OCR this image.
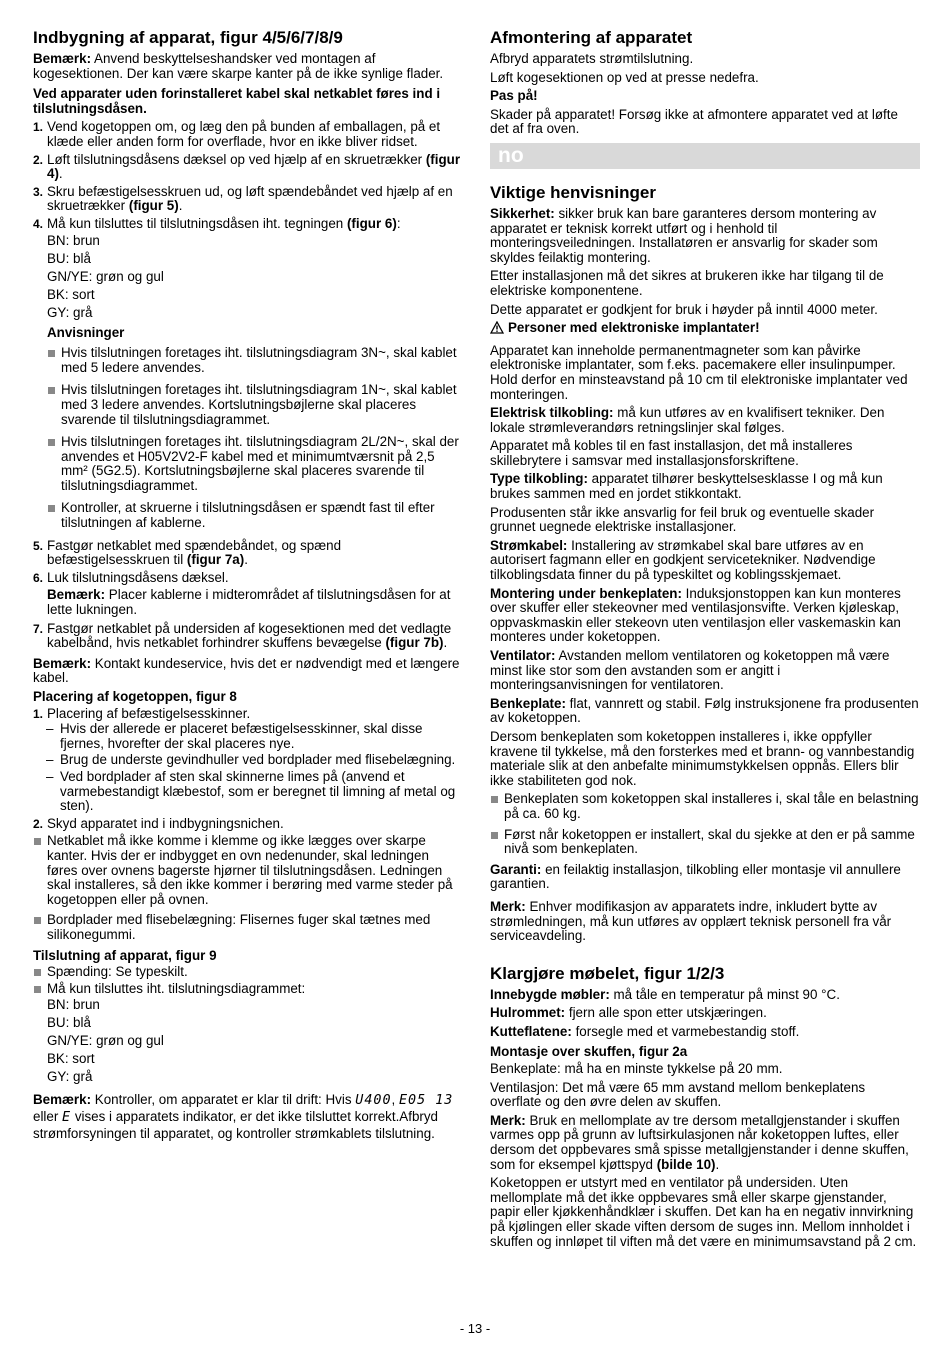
Indbygning af apparat, figur 4/5/6/7/8/9

Bemærk: Anvend beskyttelseshandsker ved montagen af kogesektionen. Der kan være skarpe kanter på de ikke synlige flader.

Ved apparater uden forinstalleret kabel skal netkablet føres ind i tilslutningsdåsen.

1. Vend kogetoppen om, og læg den på bunden af emballagen, på et klæde eller anden form for overflade, hvor en ikke bliver ridset.
2. Løft tilslutningsdåsens dæksel op ved hjælp af en skruetrækker (figur 4).
3. Skru befæstigelsesskruen ud, og løft spændebåndet ved hjælp af en skruetrækker (figur 5).
4. Må kun tilsluttes til tilslutningsdåsen iht. tegningen (figur 6):

BN: brun

BU: blå

GN/YE: grøn og gul

BK: sort

GY: grå

Anvisninger

Hvis tilslutningen foretages iht. tilslutningsdiagram 3N~, skal kablet med 5 ledere anvendes.
Hvis tilslutningen foretages iht. tilslutningsdiagram 1N~, skal kablet med 3 ledere anvendes. Kortslutningsbøjlerne skal placeres svarende til tilslutningsdiagrammet.
Hvis tilslutningen foretages iht. tilslutningsdiagram 2L/2N~, skal der anvendes et H05V2V2-F kabel med et minimumtværsnit på 2,5 mm² (5G2.5). Kortslutningsbøjlerne skal placeres svarende til tilslutningsdiagrammet.
Kontroller, at skruerne i tilslutningsdåsen er spændt fast til efter tilslutningen af kablerne.
5. Fastgør netkablet med spændebåndet, og spænd befæstigelsesskruen til (figur 7a).
6. Luk tilslutningsdåsens dæksel.

Bemærk: Placer kablerne i midterområdet af tilslutningsdåsen for at lette lukningen.

7. Fastgør netkablet på undersiden af kogesektionen med det vedlagte kabelbånd, hvis netkablet forhindrer skuffens bevægelse (figur 7b).

Bemærk: Kontakt kundeservice, hvis det er nødvendigt med et længere kabel.

Placering af kogetoppen, figur 8

1. Placering af befæstigelsesskinner.
– Hvis der allerede er placeret befæstigelsesskinner, skal disse fjernes, hvorefter der skal placeres nye.
– Brug de underste gevindhuller ved bordplader med flisebelægning.
– Ved bordplader af sten skal skinnerne limes på (anvend et varmebestandigt klæbestof, som er beregnet til limning af metal og sten).
2. Skyd apparatet ind i indbygningsnichen.
Netkablet må ikke komme i klemme og ikke lægges over skarpe kanter. Hvis der er indbygget en ovn nedenunder, skal ledningen føres over ovnens bagerste hjørner til tilslutningsdåsen. Ledningen skal installeres, så den ikke kommer i berøring med varme steder på kogetoppen eller på ovnen.
Bordplader med flisebelægning: Flisernes fuger skal tætnes med silikonegummi.

Tilslutning af apparat, figur 9

Spænding: Se typeskilt.
Må kun tilsluttes iht. tilslutningsdiagrammet:

BN: brun

BU: blå

GN/YE: grøn og gul

BK: sort

GY: grå

Bemærk: Kontroller, om apparatet er klar til drift: Hvis U400, E05 13 eller E vises i apparatets indikator, er det ikke tilsluttet korrekt.Afbryd strømforsyningen til apparatet, og kontroller strømkablets tilslutning.

Afmontering af apparatet

Afbryd apparatets strømtilslutning.

Løft kogesektionen op ved at presse nedefra.

Pas på!

Skader på apparatet! Forsøg ikke at afmontere apparatet ved at løfte det af fra oven.

no
Viktige henvisninger

Sikkerhet: sikker bruk kan bare garanteres dersom montering av apparatet er teknisk korrekt utført og i henhold til monteringsveiledningen. Installatøren er ansvarlig for skader som skyldes feilaktig montering.

Etter installasjonen må det sikres at brukeren ikke har tilgang til de elektriske komponentene.

Dette apparatet er godkjent for bruk i høyder på inntil 4000 meter.

Personer med elektroniske implantater!

Apparatet kan inneholde permanentmagneter som kan påvirke elektroniske implantater, som f.eks. pacemakere eller insulinpumper. Hold derfor en minsteavstand på 10 cm til elektroniske implantater ved monteringen.

Elektrisk tilkobling: må kun utføres av en kvalifisert tekniker. Den lokale strømleverandørs retningslinjer skal følges.

Apparatet må kobles til en fast installasjon, det må installeres skillebrytere i samsvar med installasjonsforskriftene.

Type tilkobling: apparatet tilhører beskyttelsesklasse I og må kun brukes sammen med en jordet stikkontakt.

Produsenten står ikke ansvarlig for feil bruk og eventuelle skader grunnet uegnede elektriske installasjoner.

Strømkabel: Installering av strømkabel skal bare utføres av en autorisert fagmann eller en godkjent servicetekniker. Nødvendige tilkoblingsdata finner du på typeskiltet og koblingsskjemaet.

Montering under benkeplaten: Induksjonstoppen kan kun monteres over skuffer eller stekeovner med ventilasjonsvifte. Verken kjøleskap, oppvaskmaskin eller stekeovn uten ventilasjon eller vaskemaskin kan monteres under koketoppen.

Ventilator: Avstanden mellom ventilatoren og koketoppen må være minst like stor som den avstanden som er angitt i monteringsanvisningen for ventilatoren.

Benkeplate: flat, vannrett og stabil. Følg instruksjonene fra produsenten av koketoppen.

Dersom benkeplaten som koketoppen installeres i, ikke oppfyller kravene til tykkelse, må den forsterkes med et brann- og vannbestandig materiale slik at den anbefalte minimumstykkelsen oppnås. Ellers blir ikke stabiliteten god nok.

Benkeplaten som koketoppen skal installeres i, skal tåle en belastning på ca. 60 kg.
Først når koketoppen er installert, skal du sjekke at den er på samme nivå som benkeplaten.

Garanti: en feilaktig installasjon, tilkobling eller montasje vil annullere garantien.

Merk: Enhver modifikasjon av apparatets indre, inkludert bytte av strømledningen, må kun utføres av opplært teknisk personell fra vår serviceavdeling.

Klargjøre møbelet, figur 1/2/3

Innebygde møbler: må tåle en temperatur på minst 90 °C.

Hulrommet: fjern alle spon etter utskjæringen.

Kutteflatene: forsegle med et varmebestandig stoff.

Montasje over skuffen, figur 2a

Benkeplate: må ha en minste tykkelse på 20 mm.

Ventilasjon: Det må være 65 mm avstand mellom benkeplatens overflate og den øvre delen av skuffen.

Merk: Bruk en mellomplate av tre dersom metallgjenstander i skuffen varmes opp på grunn av luftsirkulasjonen når koketoppen luftes, eller dersom det oppbevares små spisse metallgjenstander i denne skuffen, som for eksempel kjøttspyd (bilde 10).

Koketoppen er utstyrt med en ventilator på undersiden. Uten mellomplate må det ikke oppbevares små eller skarpe gjenstander, papir eller kjøkkenhåndklær i skuffen. Det kan ha en negativ innvirkning på kjølingen eller skade viften dersom de suges inn. Mellom innholdet i skuffen og innløpet til viften må det være en minimumsavstand på 2 cm.

- 13 -
